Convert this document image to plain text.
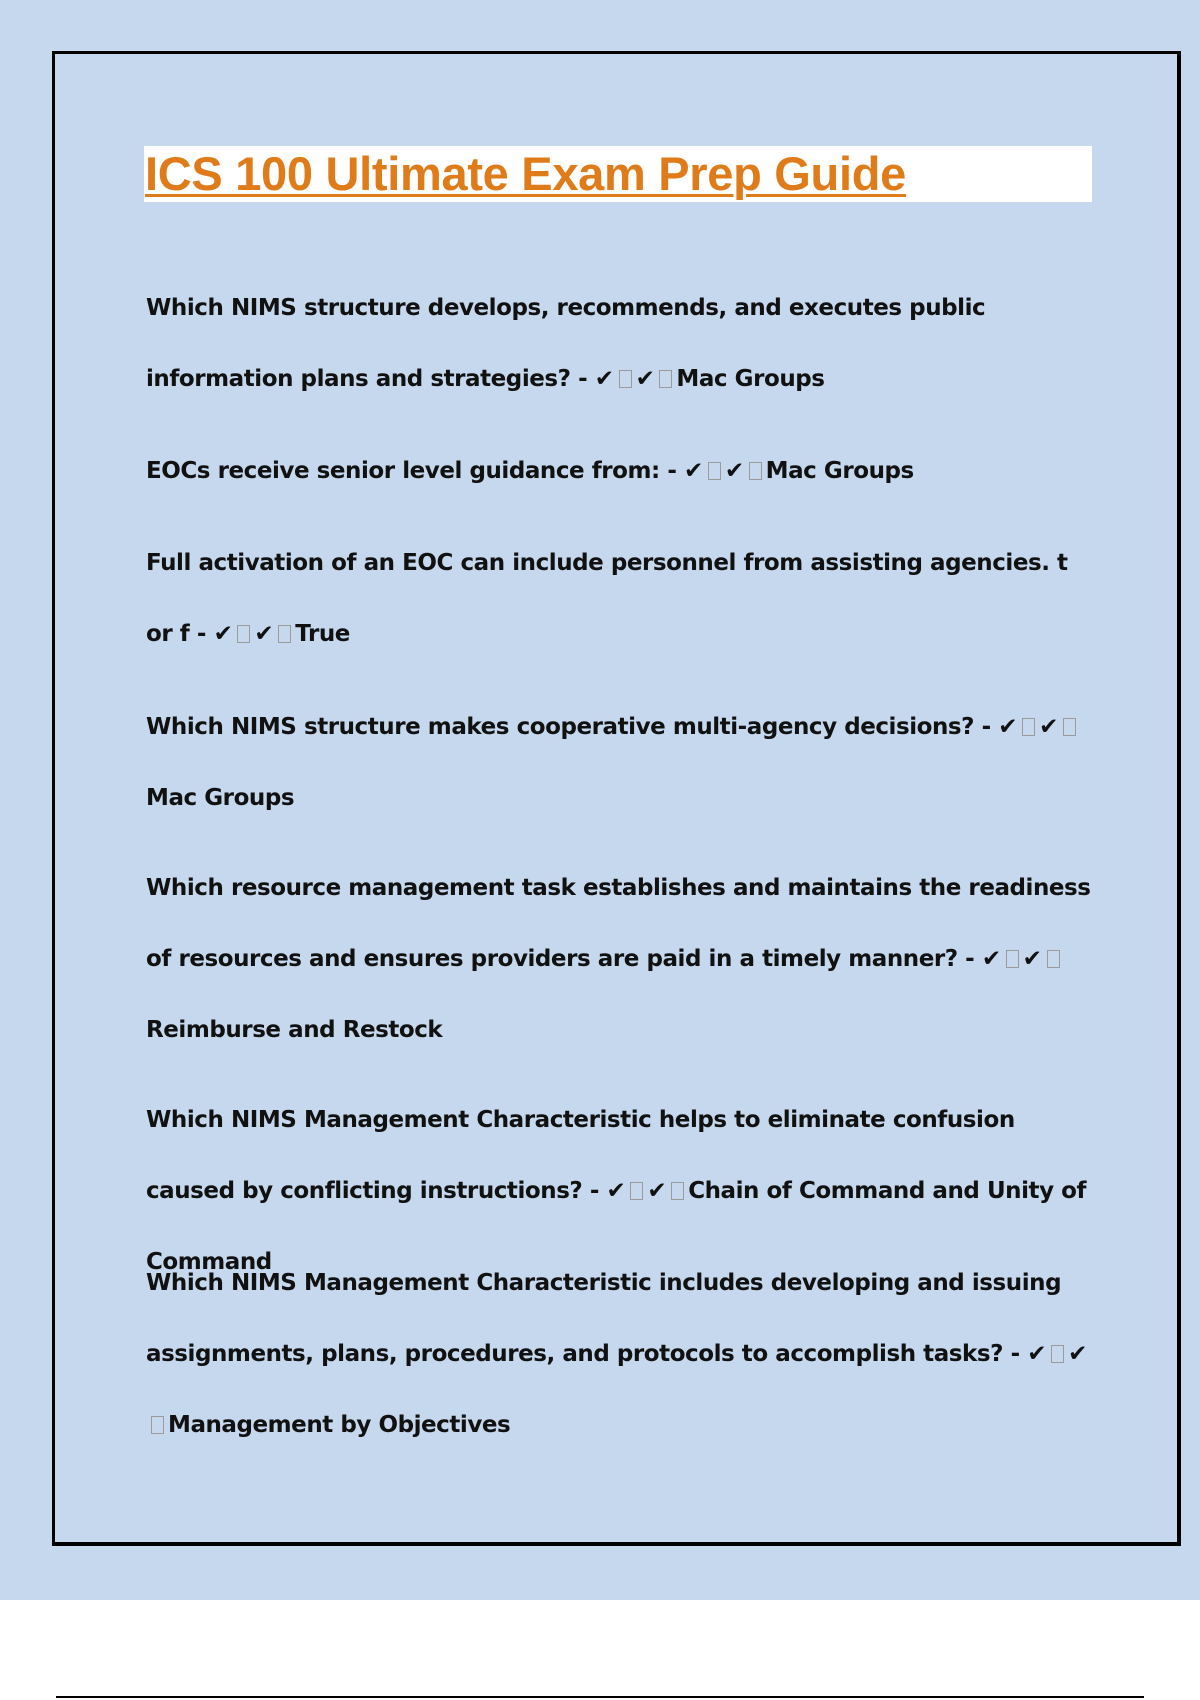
ICS 100 Ultimate Exam Prep Guide

Which NIMS structure develops, recommends, and executes public information plans and strategies? - ✔ ✔ Mac Groups

EOCs receive senior level guidance from: - ✔ ✔ Mac Groups

Full activation of an EOC can include personnel from assisting agencies. t or f - ✔ ✔ True

Which NIMS structure makes cooperative multi-agency decisions? - ✔ ✔Mac Groups

Which resource management task establishes and maintains the readiness of resources and ensures providers are paid in a timely manner? - ✔ ✔Reimburse and Restock

Which NIMS Management Characteristic helps to eliminate confusion caused by conflicting instructions? - ✔ ✔ Chain of Command and Unity of Command

Which NIMS Management Characteristic includes developing and issuing assignments, plans, procedures, and protocols to accomplish tasks? - ✔ ✔Management by Objectives
